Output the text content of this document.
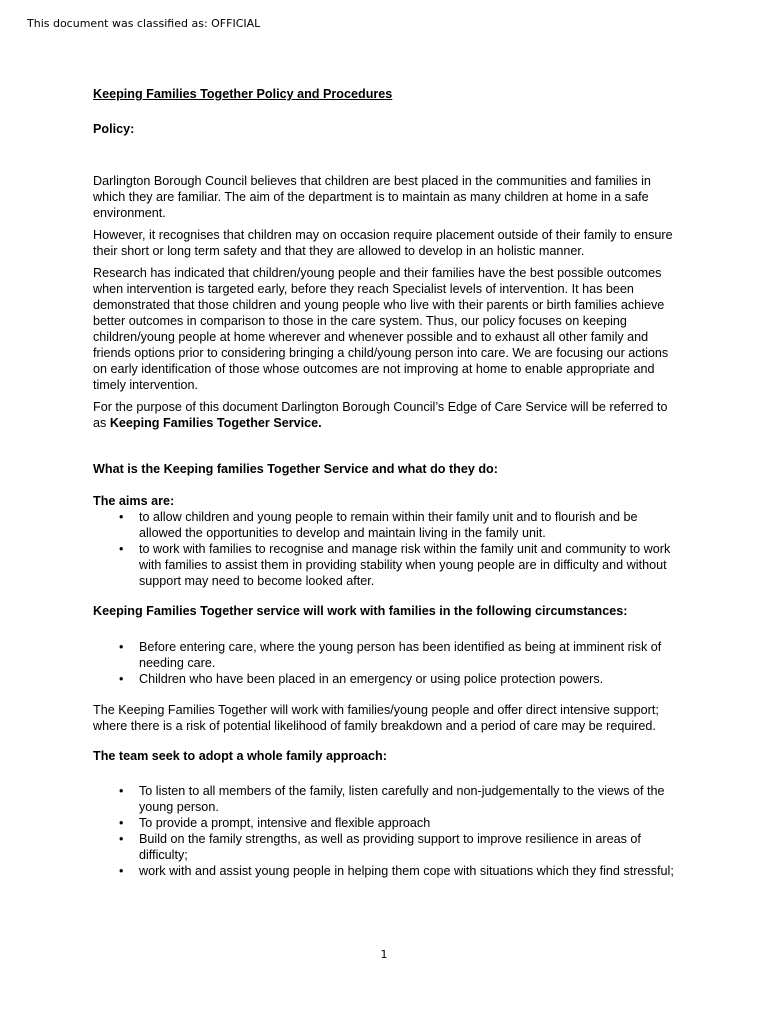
This document was classified as: OFFICIAL

Keeping Families Together Policy and Procedures

Policy:

Darlington Borough Council believes that children are best placed in the communities and families in which they are familiar. The aim of the department is to maintain as many children at home in a safe environment.

However, it recognises that children may on occasion require placement outside of their family to ensure their short or long term safety and that they are allowed to develop in an holistic manner.

Research has indicated that children/young people and their families have the best possible outcomes when intervention is targeted early, before they reach Specialist levels of intervention. It has been demonstrated that those children and young people who live with their parents or birth families achieve better outcomes in comparison to those in the care system. Thus, our policy focuses on keeping children/young people at home wherever and whenever possible and to exhaust all other family and friends options prior to considering bringing a child/young person into care. We are focusing our actions on early identification of those whose outcomes are not improving at home to enable appropriate and timely intervention.

For the purpose of this document Darlington Borough Council’s Edge of Care Service will be referred to as Keeping Families Together Service.

What is the Keeping families Together Service and what do they do:

The aims are:

• to allow children and young people to remain within their family unit and to flourish and be allowed the opportunities to develop and maintain living in the family unit.
• to work with families to recognise and manage risk within the family unit and community to work with families to assist them in providing stability when young people are in difficulty and without support may need to become looked after.

Keeping Families Together service will work with families in the following circumstances:

• Before entering care, where the young person has been identified as being at imminent risk of needing care.
• Children who have been placed in an emergency or using police protection powers.

The Keeping Families Together will work with families/young people and offer direct intensive support; where there is a risk of potential likelihood of family breakdown and a period of care may be required.

The team seek to adopt a whole family approach:

• To listen to all members of the family, listen carefully and non-judgementally to the views of the young person.
• To provide a prompt, intensive and flexible approach
• Build on the family strengths, as well as providing support to improve resilience in areas of difficulty;
• work with and assist young people in helping them cope with situations which they find stressful;
1
